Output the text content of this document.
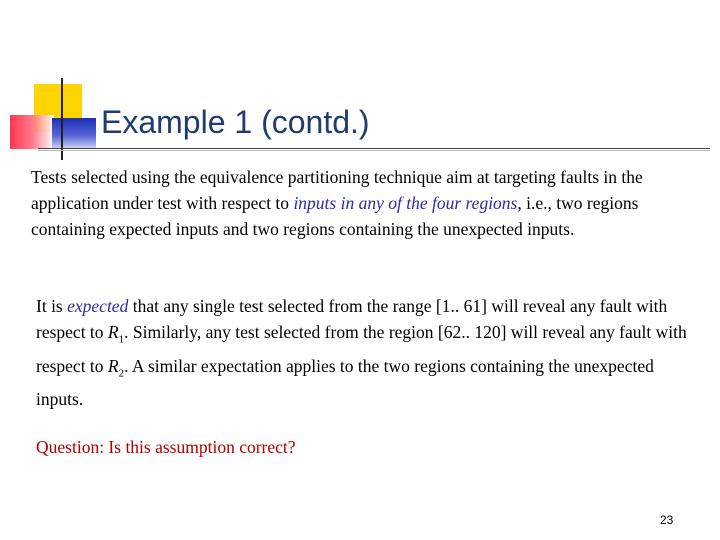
Example 1 (contd.)
Tests selected using the equivalence partitioning technique aim at targeting faults in the application under test with respect to inputs in any of the four regions, i.e., two regions containing expected inputs and two regions containing the unexpected inputs.
It is expected that any single test selected from the range [1.. 61] will reveal any fault with respect to $R_1$. Similarly, any test selected from the region [62.. 120] will reveal any fault with respect to $R_2$. A similar expectation applies to the two regions containing the unexpected inputs.
Question: Is this assumption correct?
23
